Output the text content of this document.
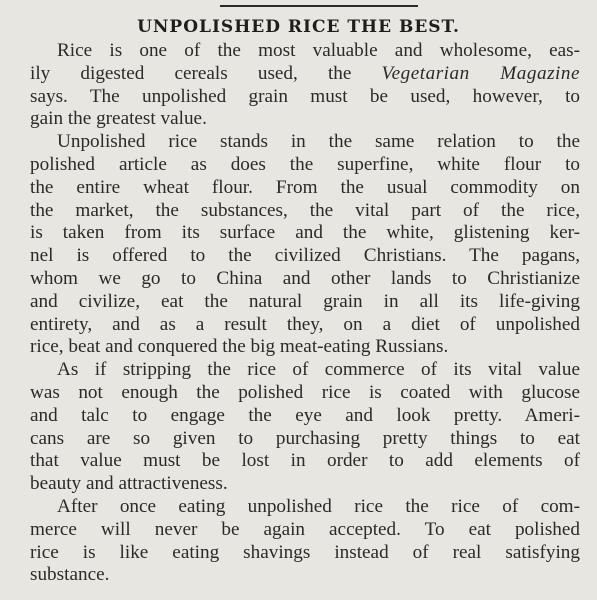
UNPOLISHED RICE THE BEST.
Rice is one of the most valuable and wholesome, eas-
ily digested cereals used, the Vegetarian Magazine
says. The unpolished grain must be used, however, to
gain the greatest value.
Unpolished rice stands in the same relation to the
polished article as does the superfine, white flour to
the entire wheat flour. From the usual commodity on
the market, the substances, the vital part of the rice,
is taken from its surface and the white, glistening ker-
nel is offered to the civilized Christians. The pagans,
whom we go to China and other lands to Christianize
and civilize, eat the natural grain in all its life-giving
entirety, and as a result they, on a diet of unpolished
rice, beat and conquered the big meat-eating Russians.
As if stripping the rice of commerce of its vital value
was not enough the polished rice is coated with glucose
and talc to engage the eye and look pretty. Ameri-
cans are so given to purchasing pretty things to eat
that value must be lost in order to add elements of
beauty and attractiveness.
After once eating unpolished rice the rice of com-
merce will never be again accepted. To eat polished
rice is like eating shavings instead of real satisfying
substance.
